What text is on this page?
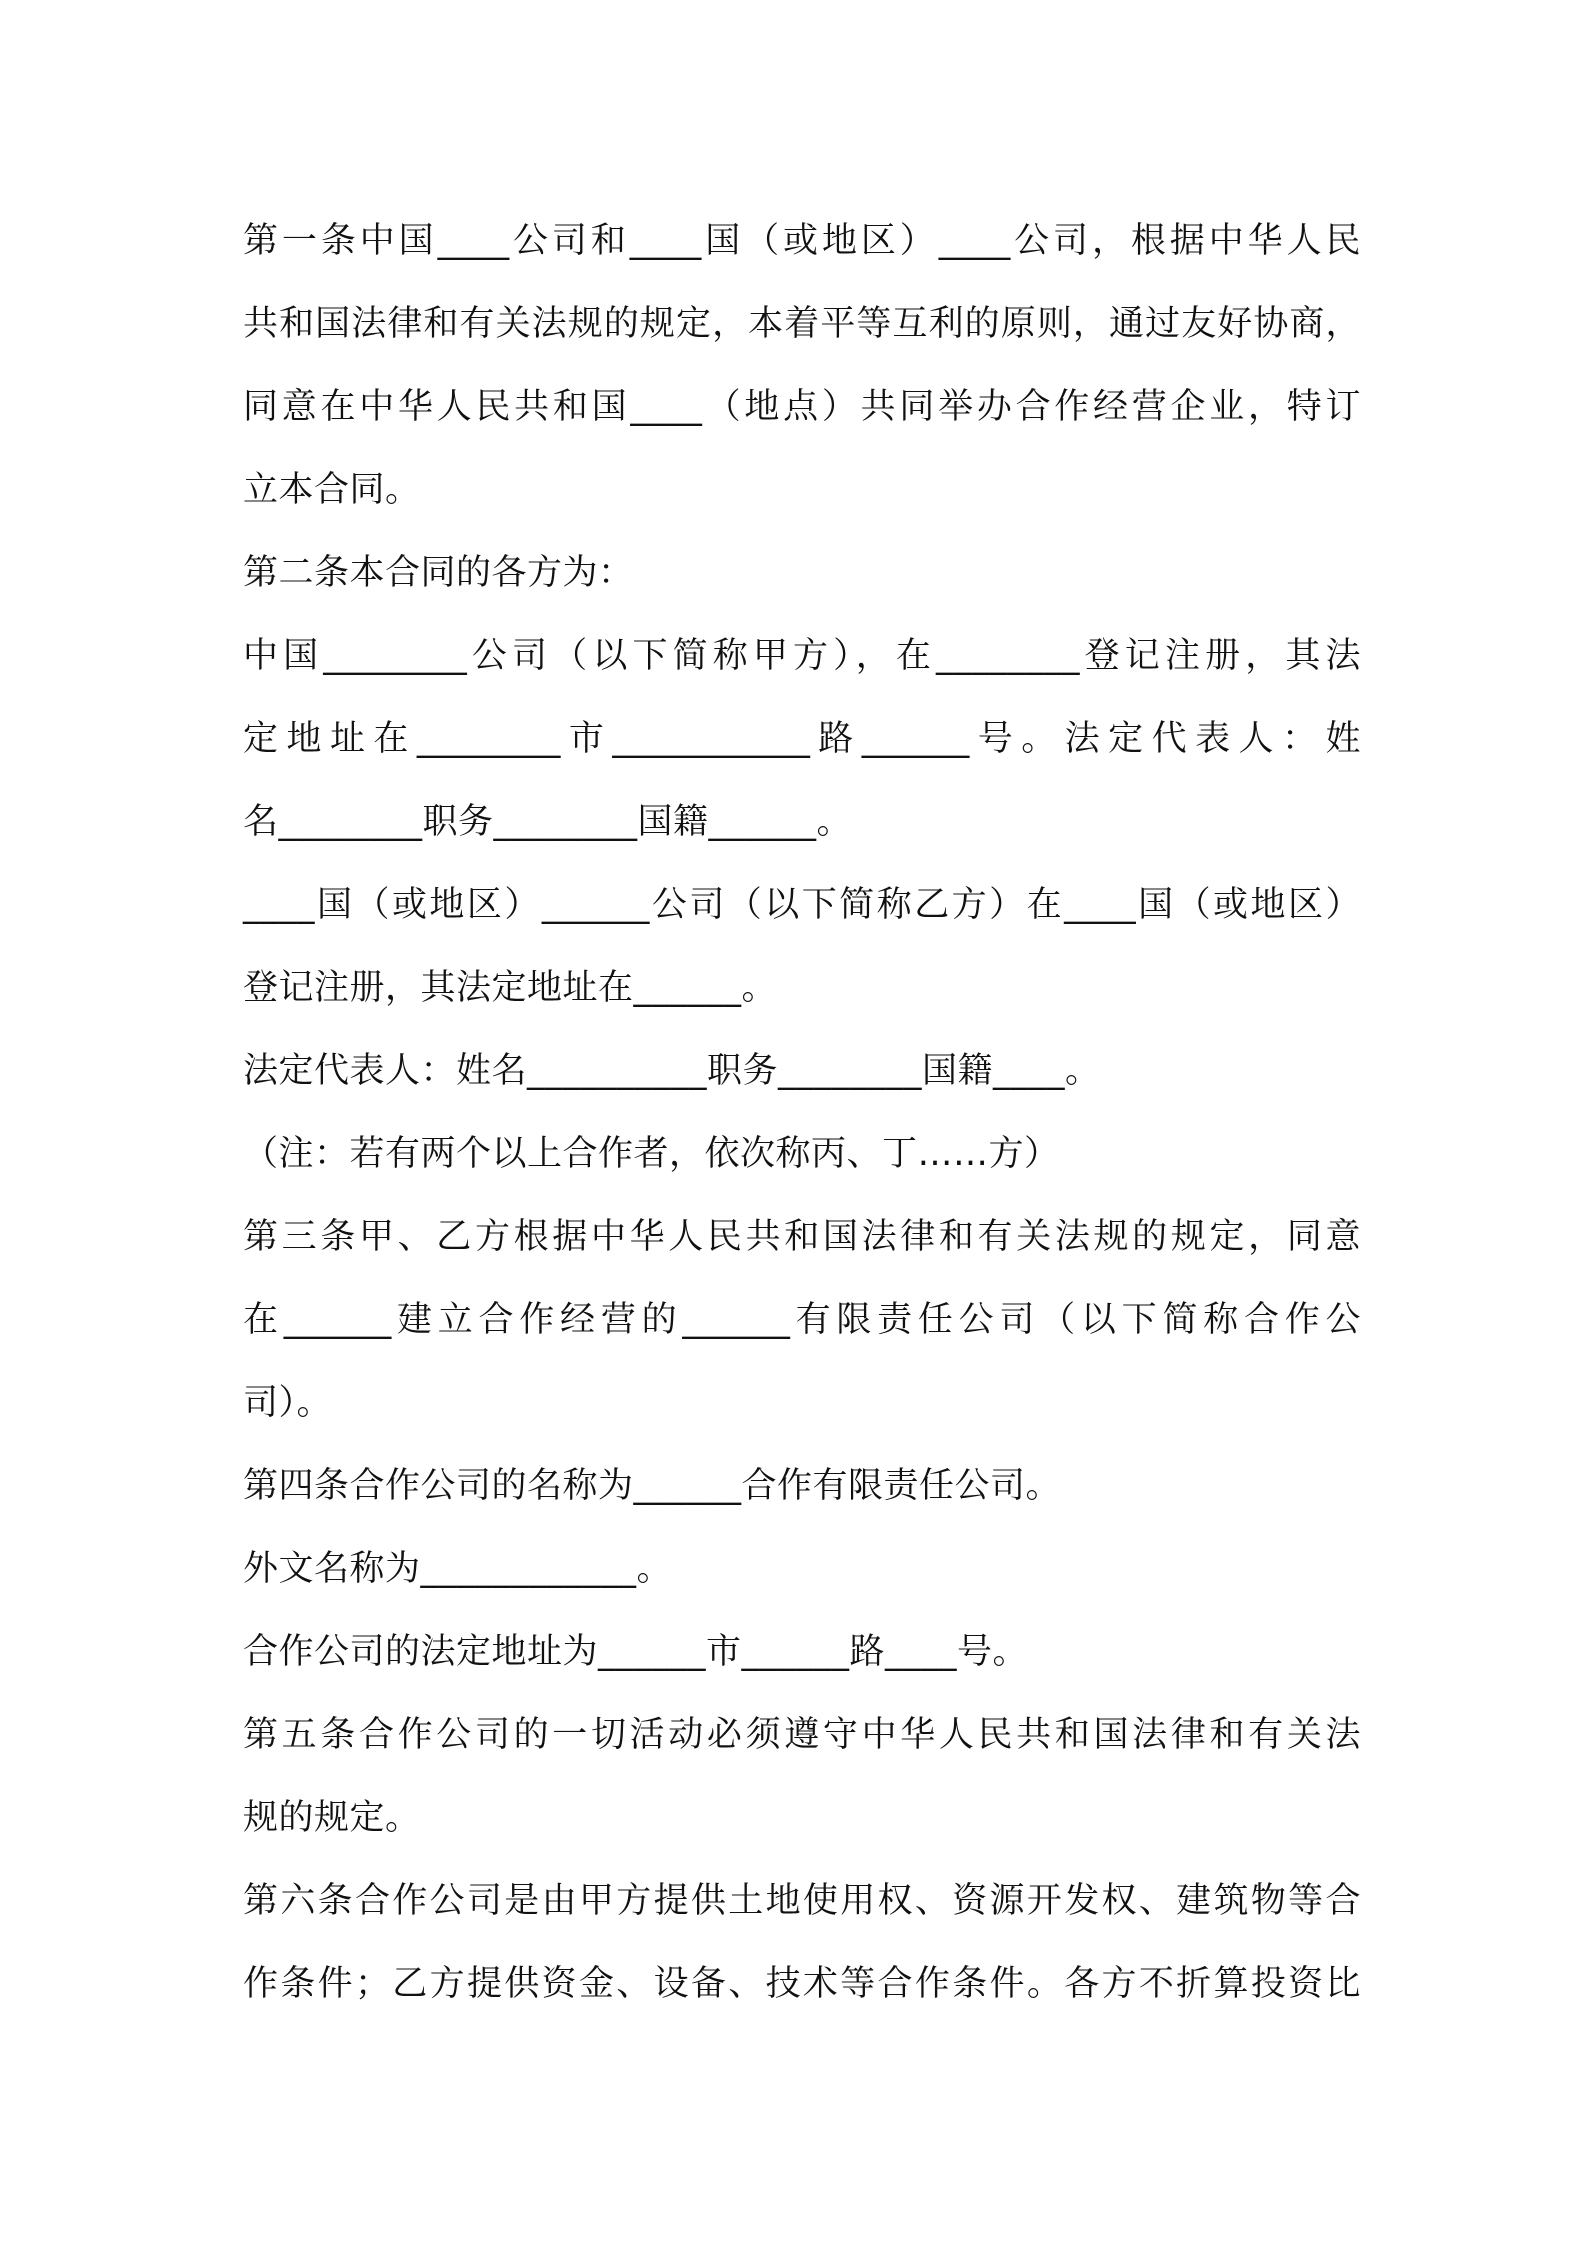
第一条中国____公司和____国（或地区）____公司，根据中华人民
共和国法律和有关法规的规定，本着平等互利的原则，通过友好协商，
同意在中华人民共和国____（地点）共同举办合作经营企业，特订
立本合同。
第二条本合同的各方为：
中国________公司（以下简称甲方），在________登记注册，其法
定地址在________市___________路______号。法定代表人：姓
名________职务________国籍______。
____国（或地区）______公司（以下简称乙方）在____国（或地区）
登记注册，其法定地址在______。
法定代表人：姓名__________职务________国籍____。
（注：若有两个以上合作者，依次称丙、丁……方）
第三条甲、乙方根据中华人民共和国法律和有关法规的规定，同意
在______建立合作经营的______有限责任公司（以下简称合作公
司）。
第四条合作公司的名称为______合作有限责任公司。
外文名称为____________。
合作公司的法定地址为______市______路____号。
第五条合作公司的一切活动必须遵守中华人民共和国法律和有关法
规的规定。
第六条合作公司是由甲方提供土地使用权、资源开发权、建筑物等合
作条件；乙方提供资金、设备、技术等合作条件。各方不折算投资比
